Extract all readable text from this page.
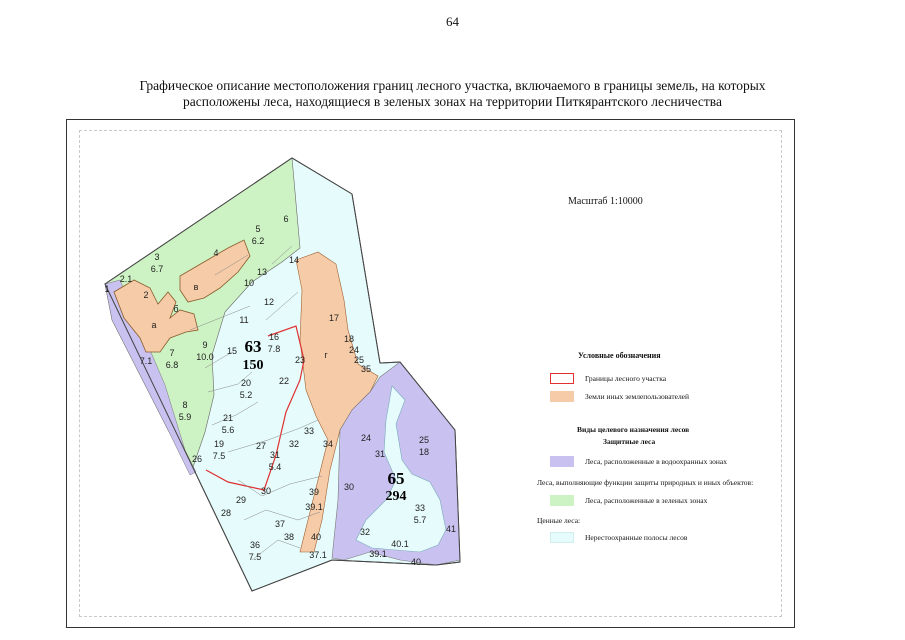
64
Графическое описание местоположения границ лесного участка, включаемого в границы земель, на которых
расположены леса, находящиеся в зеленых зонах на территории Питкярантского лесничества
63
150
65
294
1
2.1
2
3
6.7
4
5
6.2
6
a
б
в
7
6.8
7.1
8
5.9
9
10.0
10
11
12
13
14
15
16
7.8
17
18
24
25
20
5.2
21
5.6
22
23
19
7.5
26
27
31
5.4
32
33
34
28
29
30
36
7.5
37
38
39
39.1
40
37.1
г
24
31
30
25
18
33
5.7
32
39.1
40.1
41
40
35
Масштаб 1:10000
Условные обозначения
Границы лесного участка
Земли иных землепользователей
Виды целевого назначения лесов
Защитные леса
Леса, расположенные в водоохранных зонах
Леса, выполняющие функции защиты природных и иных объектов:
Леса, расположенные в зеленых зонах
Ценные леса:
Нерестоохранные полосы лесов
